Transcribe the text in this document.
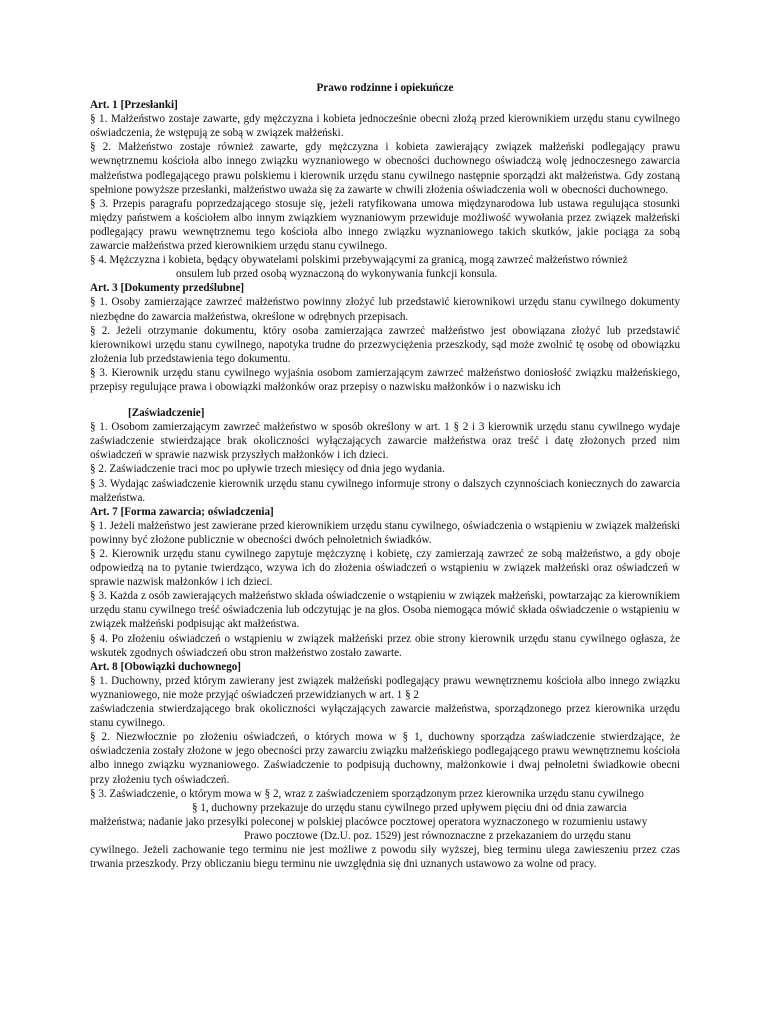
Prawo rodzinne i opiekuńcze

Art. 1 [Przesłanki]

§ 1. Małżeństwo zostaje zawarte, gdy mężczyzna i kobieta jednocześnie obecni złożą przed kierownikiem urzędu stanu cywilnego oświadczenia, że wstępują ze sobą w związek małżeński.

§ 2. Małżeństwo zostaje również zawarte, gdy mężczyzna i kobieta zawierający związek małżeński podlegający prawu wewnętrznemu kościoła albo innego związku wyznaniowego w obecności duchownego oświadczą wolę jednoczesnego zawarcia małżeństwa podlegającego prawu polskiemu i kierownik urzędu stanu cywilnego następnie sporządzi akt małżeństwa. Gdy zostaną spełnione powyższe przesłanki, małżeństwo uważa się za zawarte w chwili złożenia oświadczenia woli w obecności duchownego.

§ 3. Przepis paragrafu poprzedzającego stosuje się, jeżeli ratyfikowana umowa międzynarodowa lub ustawa regulująca stosunki między państwem a kościołem albo innym związkiem wyznaniowym przewiduje możliwość wywołania przez związek małżeński podlegający prawu wewnętrznemu tego kościoła albo innego związku wyznaniowego takich skutków, jakie pociąga za sobą zawarcie małżeństwa przed kierownikiem urzędu stanu cywilnego.

§ 4. Mężczyzna i kobieta, będący obywatelami polskimi przebywającymi za granicą, mogą zawrzeć małżeństwo również
onsulem lub przed osobą wyznaczoną do wykonywania funkcji konsula.

Art. 3 [Dokumenty przedślubne]

§ 1. Osoby zamierzające zawrzeć małżeństwo powinny złożyć lub przedstawić kierownikowi urzędu stanu cywilnego dokumenty niezbędne do zawarcia małżeństwa, określone w odrębnych przepisach.

§ 2. Jeżeli otrzymanie dokumentu, który osoba zamierzająca zawrzeć małżeństwo jest obowiązana złożyć lub przedstawić kierownikowi urzędu stanu cywilnego, napotyka trudne do przezwyciężenia przeszkody, sąd może zwolnić tę osobę od obowiązku złożenia lub przedstawienia tego dokumentu.

§ 3. Kierownik urzędu stanu cywilnego wyjaśnia osobom zamierzającym zawrzeć małżeństwo doniosłość związku małżeńskiego, przepisy regulujące prawa i obowiązki małżonków oraz przepisy o nazwisku małżonków i o nazwisku ich

[Zaświadczenie]

§ 1. Osobom zamierzającym zawrzeć małżeństwo w sposób określony w art. 1 § 2 i 3 kierownik urzędu stanu cywilnego wydaje zaświadczenie stwierdzające brak okoliczności wyłączających zawarcie małżeństwa oraz treść i datę złożonych przed nim oświadczeń w sprawie nazwisk przyszłych małżonków i ich dzieci.

§ 2. Zaświadczenie traci moc po upływie trzech miesięcy od dnia jego wydania.

§ 3. Wydając zaświadczenie kierownik urzędu stanu cywilnego informuje strony o dalszych czynnościach koniecznych do zawarcia małżeństwa.

Art. 7 [Forma zawarcia; oświadczenia]

§ 1. Jeżeli małżeństwo jest zawierane przed kierownikiem urzędu stanu cywilnego, oświadczenia o wstąpieniu w związek małżeński powinny być złożone publicznie w obecności dwóch pełnoletnich świadków.

§ 2. Kierownik urzędu stanu cywilnego zapytuje mężczyznę i kobietę, czy zamierzają zawrzeć ze sobą małżeństwo, a gdy oboje odpowiedzą na to pytanie twierdząco, wzywa ich do złożenia oświadczeń o wstąpieniu w związek małżeński oraz oświadczeń w sprawie nazwisk małżonków i ich dzieci.

§ 3. Każda z osób zawierających małżeństwo składa oświadczenie o wstąpieniu w związek małżeński, powtarzając za kierownikiem urzędu stanu cywilnego treść oświadczenia lub odczytując je na głos. Osoba niemogąca mówić składa oświadczenie o wstąpieniu w związek małżeński podpisując akt małżeństwa.

§ 4. Po złożeniu oświadczeń o wstąpieniu w związek małżeński przez obie strony kierownik urzędu stanu cywilnego ogłasza, że wskutek zgodnych oświadczeń obu stron małżeństwo zostało zawarte.

Art. 8 [Obowiązki duchownego]

§ 1. Duchowny, przed którym zawierany jest związek małżeński podlegający prawu wewnętrznemu kościoła albo innego związku wyznaniowego, nie może przyjąć oświadczeń przewidzianych w art. 1 § 2
zaświadczenia stwierdzającego brak okoliczności wyłączających zawarcie małżeństwa, sporządzonego przez kierownika urzędu stanu cywilnego.

§ 2. Niezwłocznie po złożeniu oświadczeń, o których mowa w § 1, duchowny sporządza zaświadczenie stwierdzające, że oświadczenia zostały złożone w jego obecności przy zawarciu związku małżeńskiego podlegającego prawu wewnętrznemu kościoła albo innego związku wyznaniowego. Zaświadczenie to podpisują duchowny, małżonkowie i dwaj pełnoletni świadkowie obecni przy złożeniu tych oświadczeń.

§ 3. Zaświadczenie, o którym mowa w § 2, wraz z zaświadczeniem sporządzonym przez kierownika urzędu stanu cywilnego
§ 1, duchowny przekazuje do urzędu stanu cywilnego przed upływem pięciu dni od dnia zawarcia
małżeństwa; nadanie jako przesyłki poleconej w polskiej placówce pocztowej operatora wyznaczonego w rozumieniu ustawy
Prawo pocztowe (Dz.U. poz. 1529) jest równoznaczne z przekazaniem do urzędu stanu
cywilnego. Jeżeli zachowanie tego terminu nie jest możliwe z powodu siły wyższej, bieg terminu ulega zawieszeniu przez czas trwania przeszkody. Przy obliczaniu biegu terminu nie uwzględnia się dni uznanych ustawowo za wolne od pracy.
